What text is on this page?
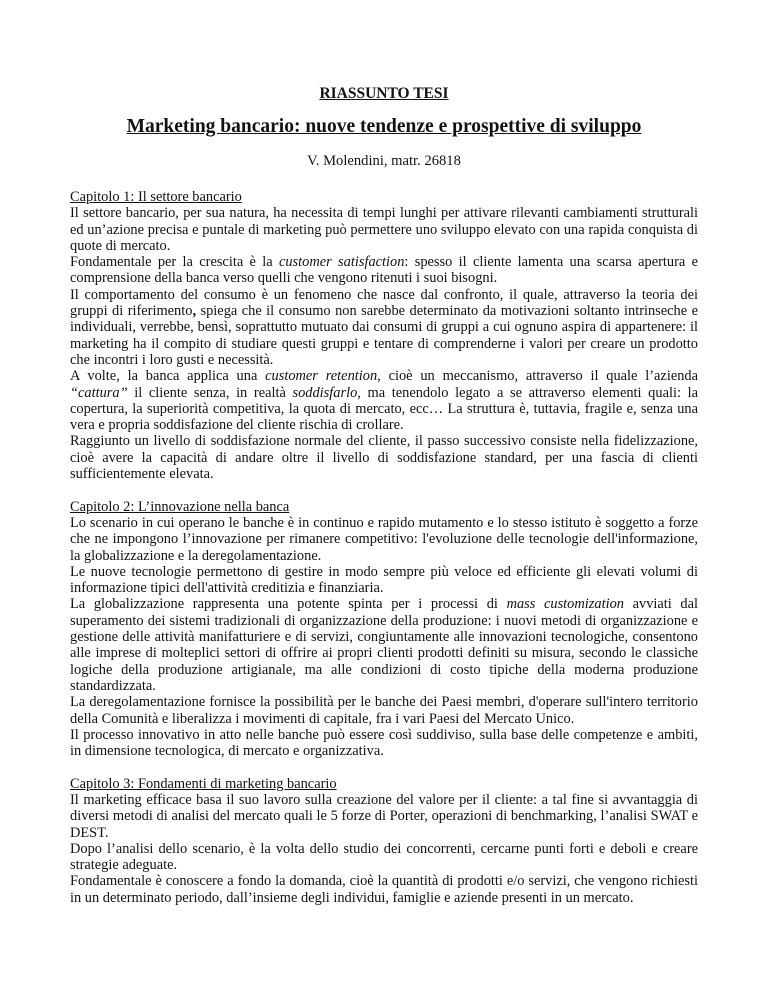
RIASSUNTO TESI
Marketing bancario: nuove tendenze e prospettive di sviluppo
V. Molendini, matr. 26818
Capitolo 1: Il settore bancario

Il settore bancario, per sua natura, ha necessita di tempi lunghi per attivare rilevanti cambiamenti strutturali ed un’azione precisa e puntale di marketing può permettere uno sviluppo elevato con una rapida conquista di quote di mercato.

Fondamentale per la crescita è la customer satisfaction: spesso il cliente lamenta una scarsa apertura e comprensione della banca verso quelli che vengono ritenuti i suoi bisogni.

Il comportamento del consumo è un fenomeno che nasce dal confronto, il quale, attraverso la teoria dei gruppi di riferimento, spiega che il consumo non sarebbe determinato da motivazioni soltanto intrinseche e individuali, verrebbe, bensì, soprattutto mutuato dai consumi di gruppi a cui ognuno aspira di appartenere: il marketing ha il compito di studiare questi gruppi e tentare di comprenderne i valori per creare un prodotto che incontri i loro gusti e necessità.

A volte, la banca applica una customer retention, cioè un meccanismo, attraverso il quale l’azienda “cattura” il cliente senza, in realtà soddisfarlo, ma tenendolo legato a se attraverso elementi quali: la copertura, la superiorità competitiva, la quota di mercato, ecc… La struttura è, tuttavia, fragile e, senza una vera e propria soddisfazione del cliente rischia di crollare.

Raggiunto un livello di soddisfazione normale del cliente, il passo successivo consiste nella fidelizzazione, cioè avere la capacità di andare oltre il livello di soddisfazione standard, per una fascia di clienti sufficientemente elevata.

Capitolo 2: L’innovazione nella banca

Lo scenario in cui operano le banche è in continuo e rapido mutamento e lo stesso istituto è soggetto a forze che ne impongono l’innovazione per rimanere competitivo: l'evoluzione delle tecnologie dell'informazione, la globalizzazione e la deregolamentazione.

Le nuove tecnologie permettono di gestire in modo sempre più veloce ed efficiente gli elevati volumi di informazione tipici dell'attività creditizia e finanziaria.

La globalizzazione rappresenta una potente spinta per i processi di mass customization avviati dal superamento dei sistemi tradizionali di organizzazione della produzione: i nuovi metodi di organizzazione e gestione delle attività manifatturiere e di servizi, congiuntamente alle innovazioni tecnologiche, consentono alle imprese di molteplici settori di offrire ai propri clienti prodotti definiti su misura, secondo le classiche logiche della produzione artigianale, ma alle condizioni di costo tipiche della moderna produzione standardizzata.

La deregolamentazione fornisce la possibilità per le banche dei Paesi membri, d'operare sull'intero territorio della Comunità e liberalizza i movimenti di capitale, fra i vari Paesi del Mercato Unico.

Il processo innovativo in atto nelle banche può essere così suddiviso, sulla base delle competenze e ambiti, in dimensione tecnologica, di mercato e organizzativa.

Capitolo 3: Fondamenti di marketing bancario

Il marketing efficace basa il suo lavoro sulla creazione del valore per il cliente: a tal fine si avvantaggia di diversi metodi di analisi del mercato quali le 5 forze di Porter, operazioni di benchmarking, l’analisi SWAT e DEST.

Dopo l’analisi dello scenario, è la volta dello studio dei concorrenti, cercarne punti forti e deboli e creare strategie adeguate.

Fondamentale è conoscere a fondo la domanda, cioè la quantità di prodotti e/o servizi, che vengono richiesti in un determinato periodo, dall’insieme degli individui, famiglie e aziende presenti in un mercato.
